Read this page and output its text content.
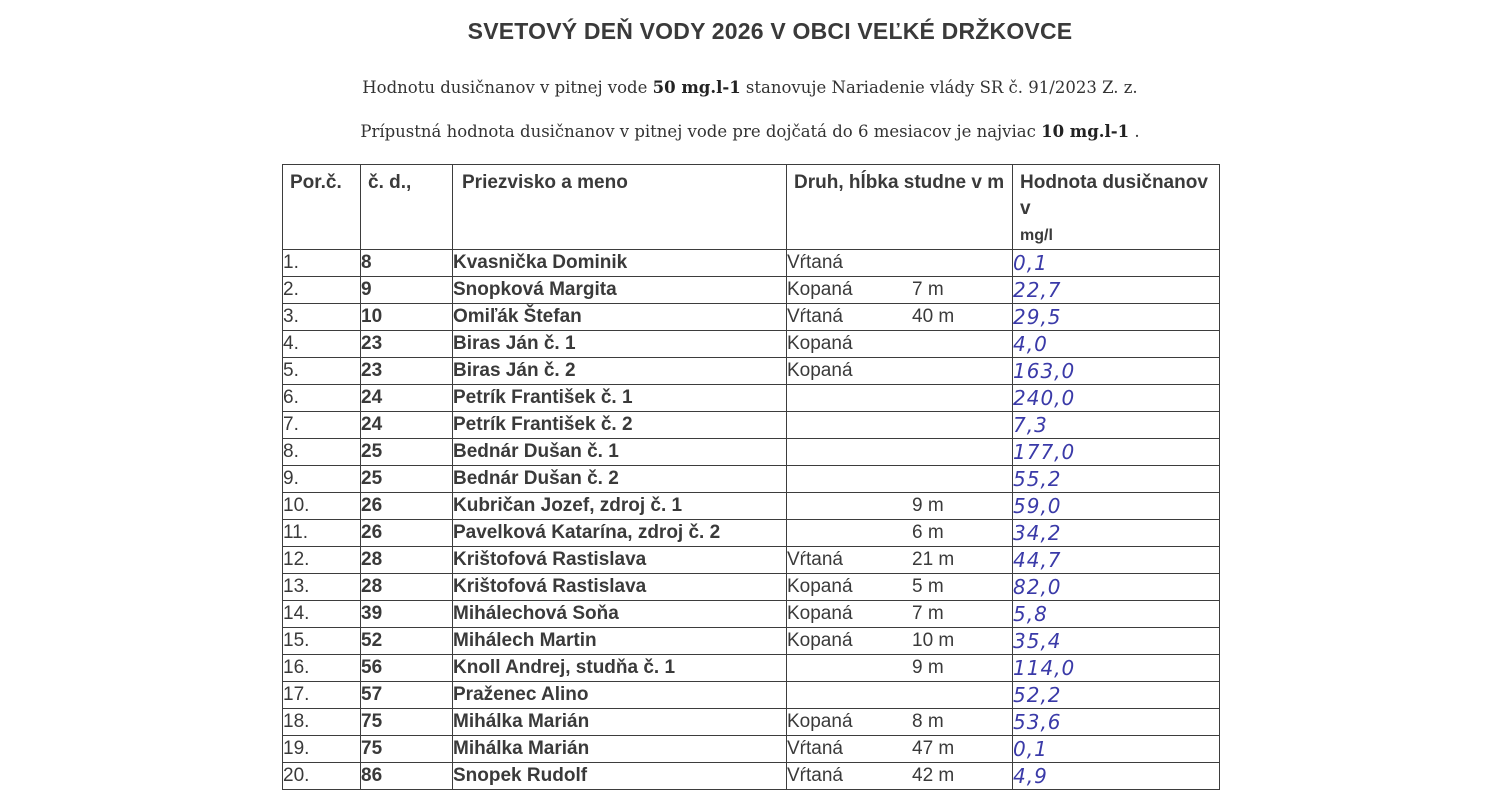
SVETOVÝ DEŇ VODY 2026 V OBCI VEĽKÉ DRŽKOVCE
Hodnotu dusičnanov v pitnej vode 50 mg.l-1 stanovuje Nariadenie vlády SR č. 91/2023 Z. z.
Prípustná hodnota dusičnanov v pitnej vode pre dojčatá do 6 mesiacov je najviac 10 mg.l-1 .
Por.č.	č. d.,	Priezvisko a meno	Druh, hĺbka studne v m	Hodnota dusičnanov v
mg/l
1.	8	Kvasnička Dominik	Vŕtaná	0,1
2.	9	Snopková Margita	Kopaná 7 m	22,7
3.	10	Omiľák Štefan	Vŕtaná 40 m	29,5
4.	23	Biras Ján č. 1	Kopaná	4,0
5.	23	Biras Ján č. 2	Kopaná	163,0
6.	24	Petrík František č. 1		240,0
7.	24	Petrík František č. 2		7,3
8.	25	Bednár Dušan č. 1		177,0
9.	25	Bednár Dušan č. 2		55,2
10.	26	Kubričan Jozef, zdroj č. 1	9 m	59,0
11.	26	Pavelková Katarína, zdroj č. 2	6 m	34,2
12.	28	Krištofová Rastislava	Vŕtaná 21 m	44,7
13.	28	Krištofová Rastislava	Kopaná 5 m	82,0
14.	39	Mihálechová Soňa	Kopaná 7 m	5,8
15.	52	Mihálech Martin	Kopaná 10 m	35,4
16.	56	Knoll Andrej, studňa č. 1	9 m	114,0
17.	57	Praženec Alino		52,2
18.	75	Mihálka Marián	Kopaná 8 m	53,6
19.	75	Mihálka Marián	Vŕtaná 47 m	0,1
20.	86	Snopek Rudolf	Vŕtaná 42 m	4,9
